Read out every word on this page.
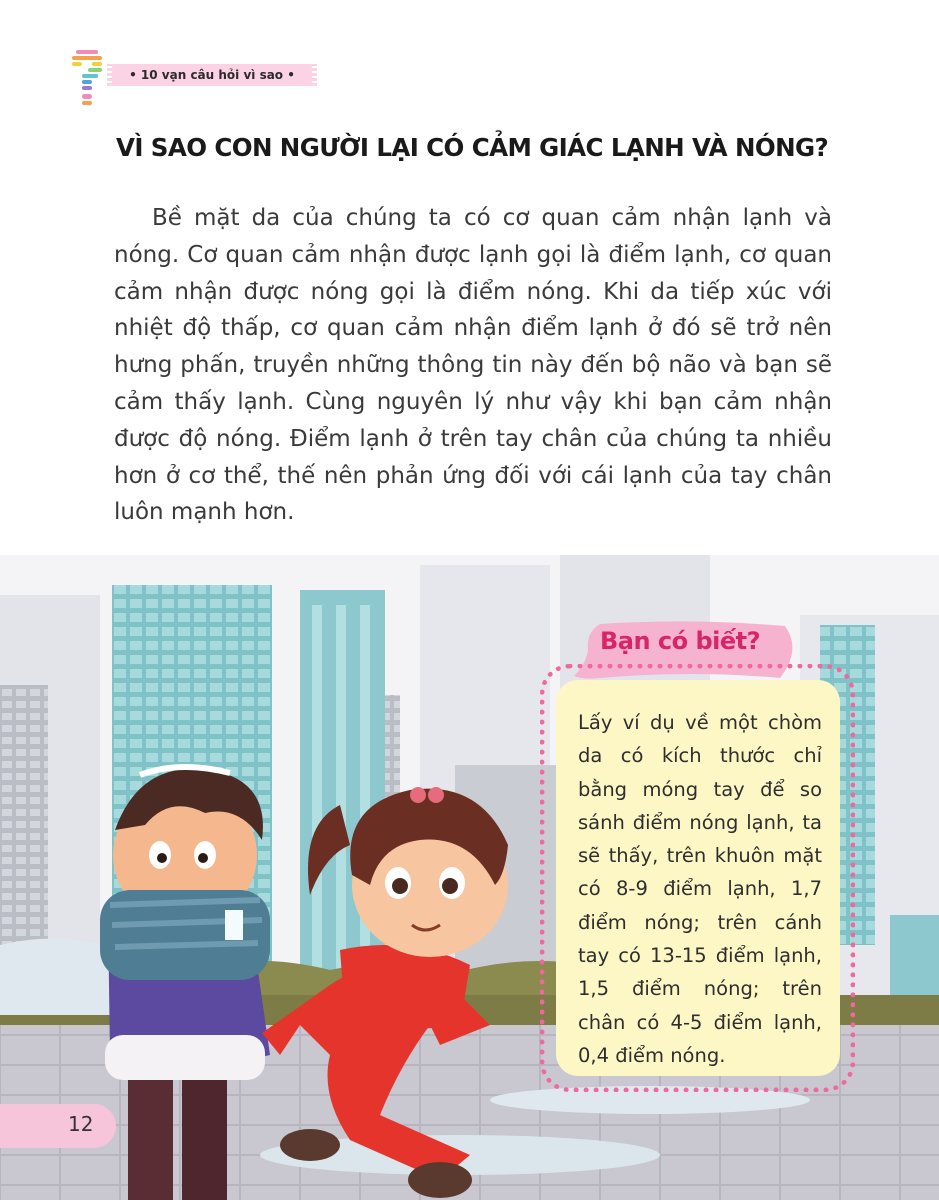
• 10 vạn câu hỏi vì sao •
VÌ SAO CON NGƯỜI LẠI CÓ CẢM GIÁC LẠNH VÀ NÓNG?

Bề mặt da của chúng ta có cơ quan cảm nhận lạnh và nóng. Cơ quan cảm nhận được lạnh gọi là điểm lạnh, cơ quan cảm nhận được nóng gọi là điểm nóng. Khi da tiếp xúc với nhiệt độ thấp, cơ quan cảm nhận điểm lạnh ở đó sẽ trở nên hưng phấn, truyền những thông tin này đến bộ não và bạn sẽ cảm thấy lạnh. Cùng nguyên lý như vậy khi bạn cảm nhận được độ nóng. Điểm lạnh ở trên tay chân của chúng ta nhiều hơn ở cơ thể, thế nên phản ứng đối với cái lạnh của tay chân luôn mạnh hơn.

Bạn có biết?

Lấy ví dụ về một chòm da có kích thước chỉ bằng móng tay để so sánh điểm nóng lạnh, ta sẽ thấy, trên khuôn mặt có 8-9 điểm lạnh, 1,7 điểm nóng; trên cánh tay có 13-15 điểm lạnh, 1,5 điểm nóng; trên chân có 4-5 điểm lạnh, 0,4 điểm nóng.

12
